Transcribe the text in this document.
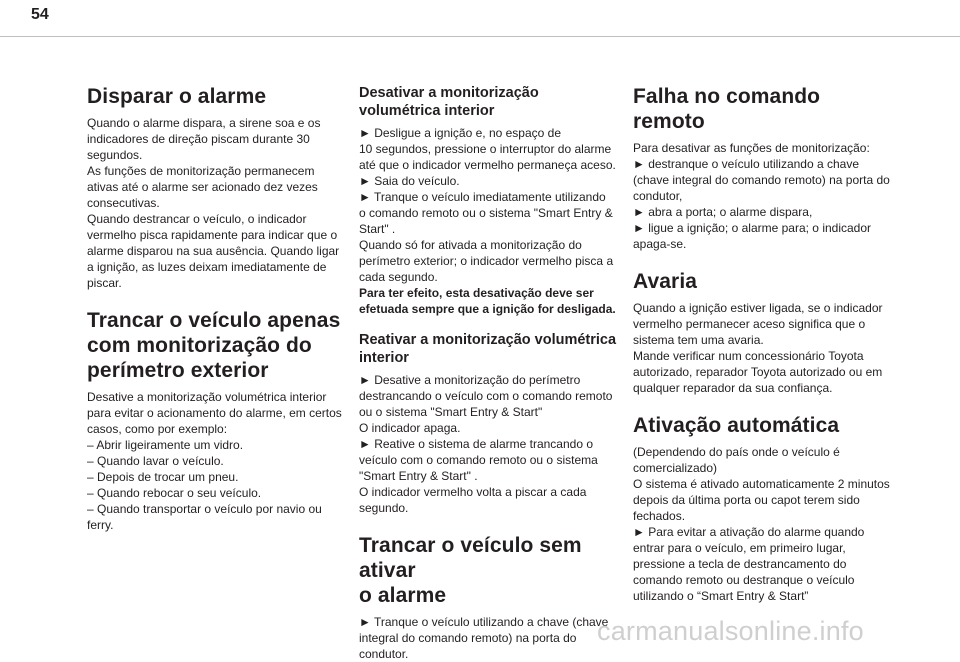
54
Disparar o alarme
Quando o alarme dispara, a sirene soa e os
indicadores de direção piscam durante 30
segundos.
As funções de monitorização permanecem
ativas até o alarme ser acionado dez vezes
consecutivas.
Quando destrancar o veículo, o indicador
vermelho pisca rapidamente para indicar que o
alarme disparou na sua ausência. Quando ligar
a ignição, as luzes deixam imediatamente de
piscar.
Trancar o veículo apenas
com monitorização do
perímetro exterior
Desative a monitorização volumétrica interior
para evitar o acionamento do alarme, em certos
casos, como por exemplo:
– Abrir ligeiramente um vidro.
– Quando lavar o veículo.
– Depois de trocar um pneu.
– Quando rebocar o seu veículo.
– Quando transportar o veículo por navio ou
ferry.
Desativar a monitorização
volumétrica interior
► Desligue a ignição e, no espaço de
10 segundos, pressione o interruptor do alarme
até que o indicador vermelho permaneça aceso.
► Saia do veículo.
► Tranque o veículo imediatamente utilizando
o comando remoto ou o sistema "Smart Entry &
Start" .
Quando só for ativada a monitorização do
perímetro exterior; o indicador vermelho pisca a
cada segundo.
Para ter efeito, esta desativação deve ser
efetuada sempre que a ignição for desligada.
Reativar a monitorização volumétrica
interior
► Desative a monitorização do perímetro
destrancando o veículo com o comando remoto
ou o sistema "Smart Entry & Start"
O indicador apaga.
► Reative o sistema de alarme trancando o
veículo com o comando remoto ou o sistema
"Smart Entry & Start" .
O indicador vermelho volta a piscar a cada
segundo.
Trancar o veículo sem ativar
o alarme
► Tranque o veículo utilizando a chave (chave
integral do comando remoto) na porta do
condutor.
Falha no comando remoto
Para desativar as funções de monitorização:
► destranque o veículo utilizando a chave
(chave integral do comando remoto) na porta do
condutor,
► abra a porta; o alarme dispara,
► ligue a ignição; o alarme para; o indicador
apaga-se.
Avaria
Quando a ignição estiver ligada, se o indicador
vermelho permanecer aceso significa que o
sistema tem uma avaria.
Mande verificar num concessionário Toyota
autorizado, reparador Toyota autorizado ou em
qualquer reparador da sua confiança.
Ativação automática
(Dependendo do país onde o veículo é
comercializado)
O sistema é ativado automaticamente 2 minutos
depois da última porta ou capot terem sido
fechados.
► Para evitar a ativação do alarme quando
entrar para o veículo, em primeiro lugar,
pressione a tecla de destrancamento do
comando remoto ou destranque o veículo
utilizando o “Smart Entry & Start”
carmanualsonline.info
